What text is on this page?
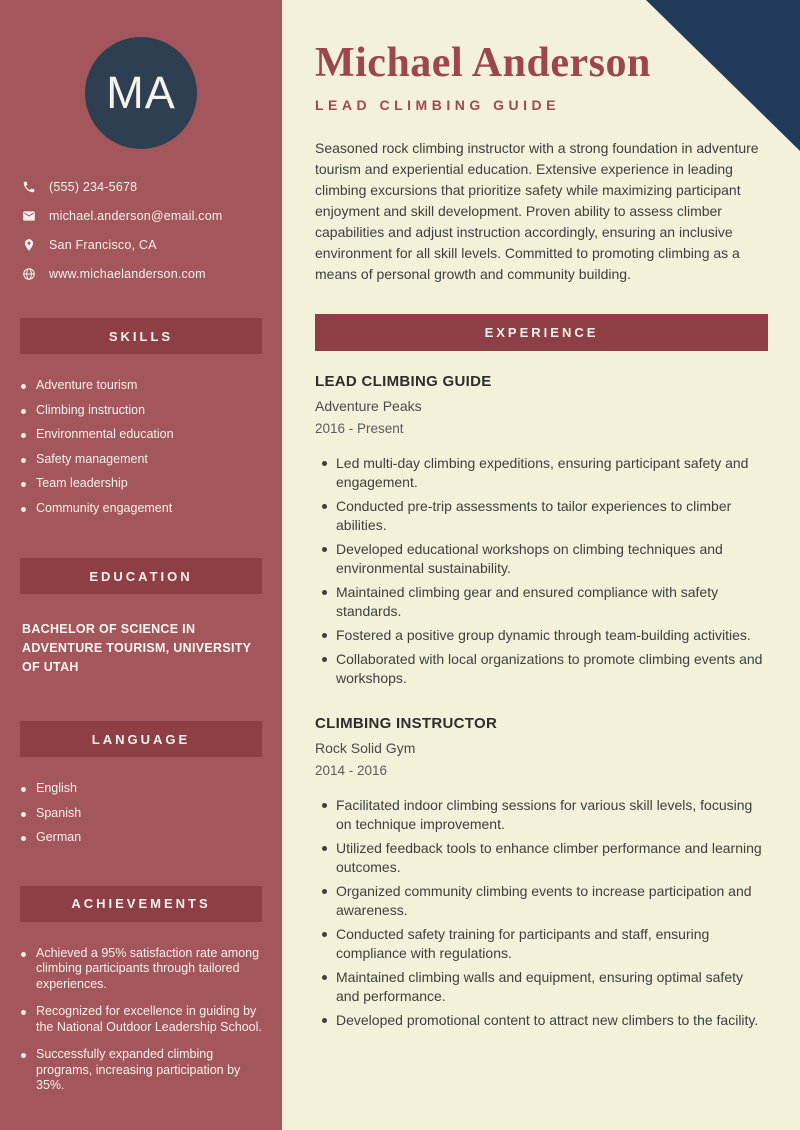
MA
(555) 234-5678
michael.anderson@email.com
San Francisco, CA
www.michaelanderson.com
SKILLS
Adventure tourism
Climbing instruction
Environmental education
Safety management
Team leadership
Community engagement
EDUCATION
BACHELOR OF SCIENCE IN ADVENTURE TOURISM, UNIVERSITY OF UTAH
LANGUAGE
English
Spanish
German
ACHIEVEMENTS
Achieved a 95% satisfaction rate among climbing participants through tailored experiences.
Recognized for excellence in guiding by the National Outdoor Leadership School.
Successfully expanded climbing programs, increasing participation by 35%.
Michael Anderson
LEAD CLIMBING GUIDE
Seasoned rock climbing instructor with a strong foundation in adventure tourism and experiential education. Extensive experience in leading climbing excursions that prioritize safety while maximizing participant enjoyment and skill development. Proven ability to assess climber capabilities and adjust instruction accordingly, ensuring an inclusive environment for all skill levels. Committed to promoting climbing as a means of personal growth and community building.
EXPERIENCE
LEAD CLIMBING GUIDE
Adventure Peaks
2016 - Present
Led multi-day climbing expeditions, ensuring participant safety and engagement.
Conducted pre-trip assessments to tailor experiences to climber abilities.
Developed educational workshops on climbing techniques and environmental sustainability.
Maintained climbing gear and ensured compliance with safety standards.
Fostered a positive group dynamic through team-building activities.
Collaborated with local organizations to promote climbing events and workshops.
CLIMBING INSTRUCTOR
Rock Solid Gym
2014 - 2016
Facilitated indoor climbing sessions for various skill levels, focusing on technique improvement.
Utilized feedback tools to enhance climber performance and learning outcomes.
Organized community climbing events to increase participation and awareness.
Conducted safety training for participants and staff, ensuring compliance with regulations.
Maintained climbing walls and equipment, ensuring optimal safety and performance.
Developed promotional content to attract new climbers to the facility.
